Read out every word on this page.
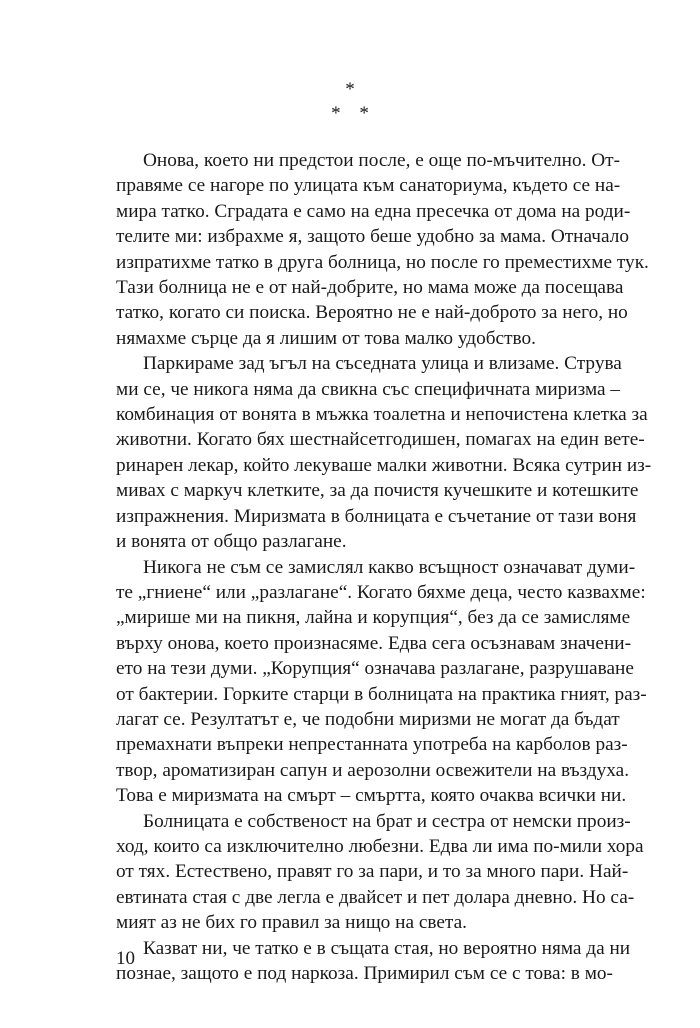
*
* *

Онова, което ни предстои после, е още по-мъчително. От-
правяме се нагоре по улицата към санаториума, където се на-
мира татко. Сградата е само на една пресечка от дома на роди-
телите ми: избрахме я, защото беше удобно за мама. Отначало
изпратихме татко в друга болница, но после го преместихме тук.
Тази болница не е от най-добрите, но мама може да посещава
татко, когато си поиска. Вероятно не е най-доброто за него, но
нямахме сърце да я лишим от това малко удобство.

Паркираме зад ъгъл на съседната улица и влизаме. Струва
ми се, че никога няма да свикна със специфичната миризма –
комбинация от вонята в мъжка тоалетна и непочистена клетка за
животни. Когато бях шестнайсетгодишен, помагах на един вете-
ринарен лекар, който лекуваше малки животни. Всяка сутрин из-
мивах с маркуч клетките, за да почистя кучешките и котешките
изпражнения. Миризмата в болницата е съчетание от тази воня
и вонята от общо разлагане.

Никога не съм се замислял какво всъщност означават думи-
те „гниене“ или „разлагане“. Когато бяхме деца, често казвахме:
„мирише ми на пикня, лайна и корупция“, без да се замисляме
върху онова, което произнасяме. Едва сега осъзнавам значени-
ето на тези думи. „Корупция“ означава разлагане, разрушаване
от бактерии. Горките старци в болницата на практика гният, раз-
лагат се. Резултатът е, че подобни миризми не могат да бъдат
премахнати въпреки непрестанната употреба на карболов раз-
твор, ароматизиран сапун и аерозолни освежители на въздуха.
Това е миризмата на смърт – смъртта, която очаква всички ни.

Болницата е собственост на брат и сестра от немски произ-
ход, които са изключително любезни. Едва ли има по-мили хора
от тях. Естествено, правят го за пари, и то за много пари. Най-
евтината стая с две легла е двайсет и пет долара дневно. Но са-
мият аз не бих го правил за нищо на света.

Казват ни, че татко е в същата стая, но вероятно няма да ни
познае, защото е под наркоза. Примирил съм се с това: в мо-

10
